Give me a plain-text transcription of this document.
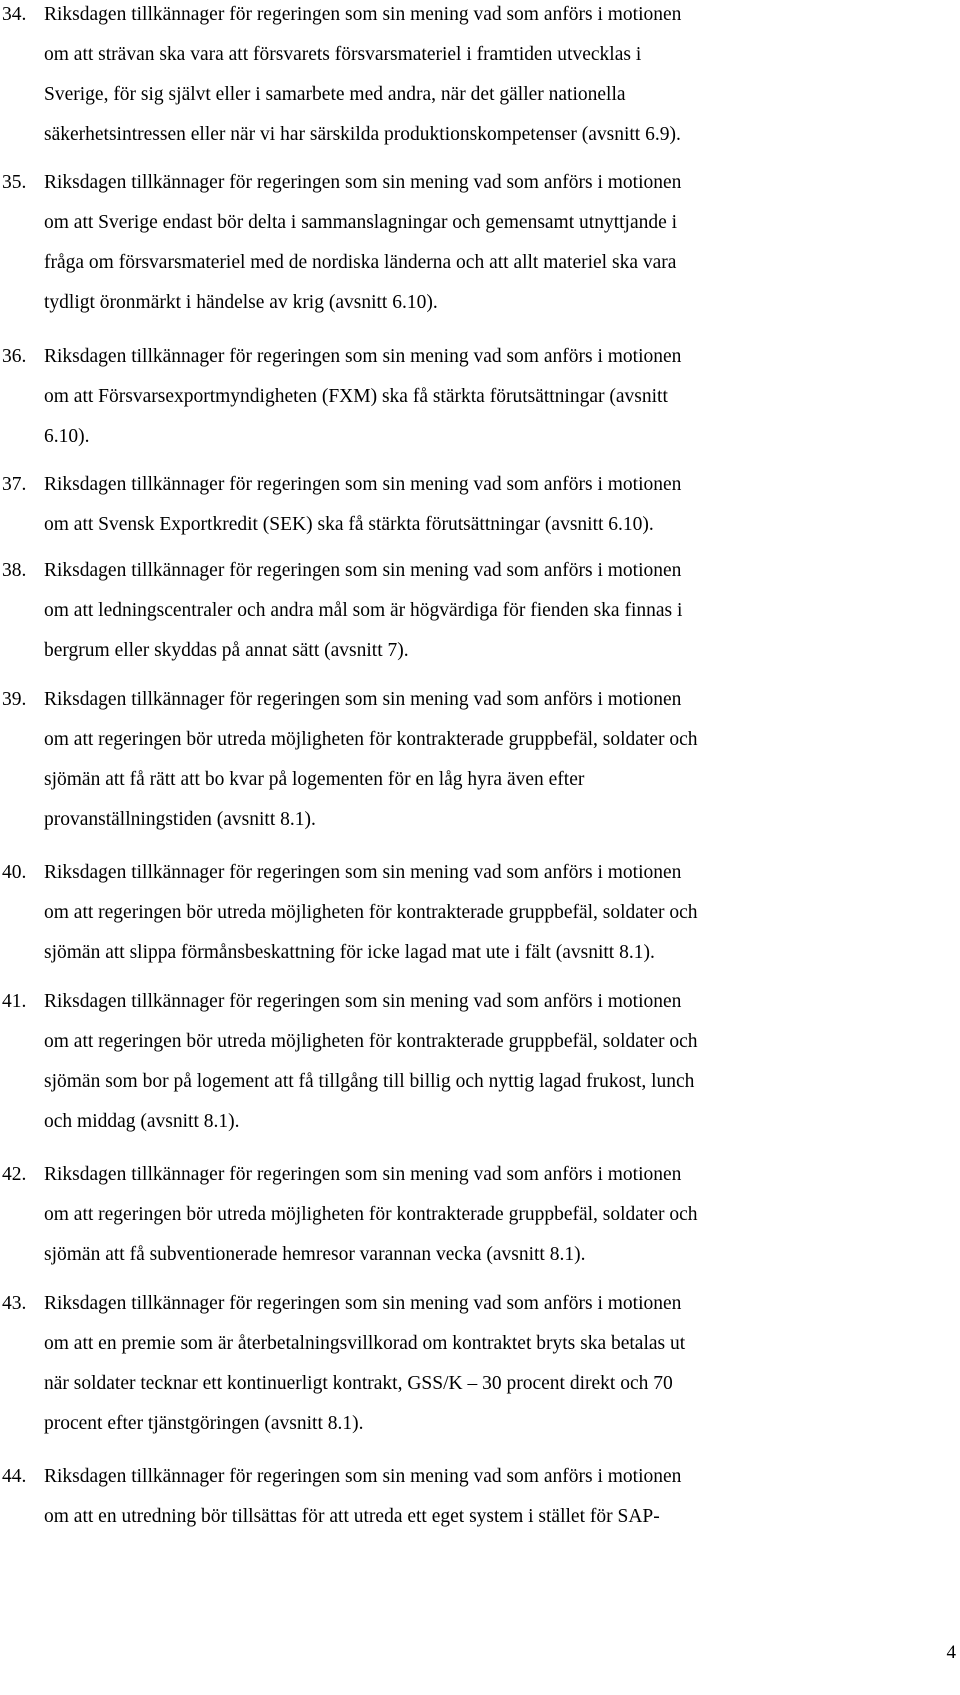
34. Riksdagen tillkännager för regeringen som sin mening vad som anförs i motionen
om att strävan ska vara att försvarets försvarsmateriel i framtiden utvecklas i
Sverige, för sig självt eller i samarbete med andra, när det gäller nationella
säkerhetsintressen eller när vi har särskilda produktionskompetenser (avsnitt 6.9).
35. Riksdagen tillkännager för regeringen som sin mening vad som anförs i motionen
om att Sverige endast bör delta i sammanslagningar och gemensamt utnyttjande i
fråga om försvarsmateriel med de nordiska länderna och att allt materiel ska vara
tydligt öronmärkt i händelse av krig (avsnitt 6.10).
36. Riksdagen tillkännager för regeringen som sin mening vad som anförs i motionen
om att Försvarsexportmyndigheten (FXM) ska få stärkta förutsättningar (avsnitt
6.10).
37. Riksdagen tillkännager för regeringen som sin mening vad som anförs i motionen
om att Svensk Exportkredit (SEK) ska få stärkta förutsättningar (avsnitt 6.10).
38. Riksdagen tillkännager för regeringen som sin mening vad som anförs i motionen
om att ledningscentraler och andra mål som är högvärdiga för fienden ska finnas i
bergrum eller skyddas på annat sätt (avsnitt 7).
39. Riksdagen tillkännager för regeringen som sin mening vad som anförs i motionen
om att regeringen bör utreda möjligheten för kontrakterade gruppbefäl, soldater och
sjömän att få rätt att bo kvar på logementen för en låg hyra även efter
provanställningstiden (avsnitt 8.1).
40. Riksdagen tillkännager för regeringen som sin mening vad som anförs i motionen
om att regeringen bör utreda möjligheten för kontrakterade gruppbefäl, soldater och
sjömän att slippa förmånsbeskattning för icke lagad mat ute i fält (avsnitt 8.1).
41. Riksdagen tillkännager för regeringen som sin mening vad som anförs i motionen
om att regeringen bör utreda möjligheten för kontrakterade gruppbefäl, soldater och
sjömän som bor på logement att få tillgång till billig och nyttig lagad frukost, lunch
och middag (avsnitt 8.1).
42. Riksdagen tillkännager för regeringen som sin mening vad som anförs i motionen
om att regeringen bör utreda möjligheten för kontrakterade gruppbefäl, soldater och
sjömän att få subventionerade hemresor varannan vecka (avsnitt 8.1).
43. Riksdagen tillkännager för regeringen som sin mening vad som anförs i motionen
om att en premie som är återbetalningsvillkorad om kontraktet bryts ska betalas ut
när soldater tecknar ett kontinuerligt kontrakt, GSS/K – 30 procent direkt och 70
procent efter tjänstgöringen (avsnitt 8.1).
44. Riksdagen tillkännager för regeringen som sin mening vad som anförs i motionen
om att en utredning bör tillsättas för att utreda ett eget system i stället för SAP-
4
